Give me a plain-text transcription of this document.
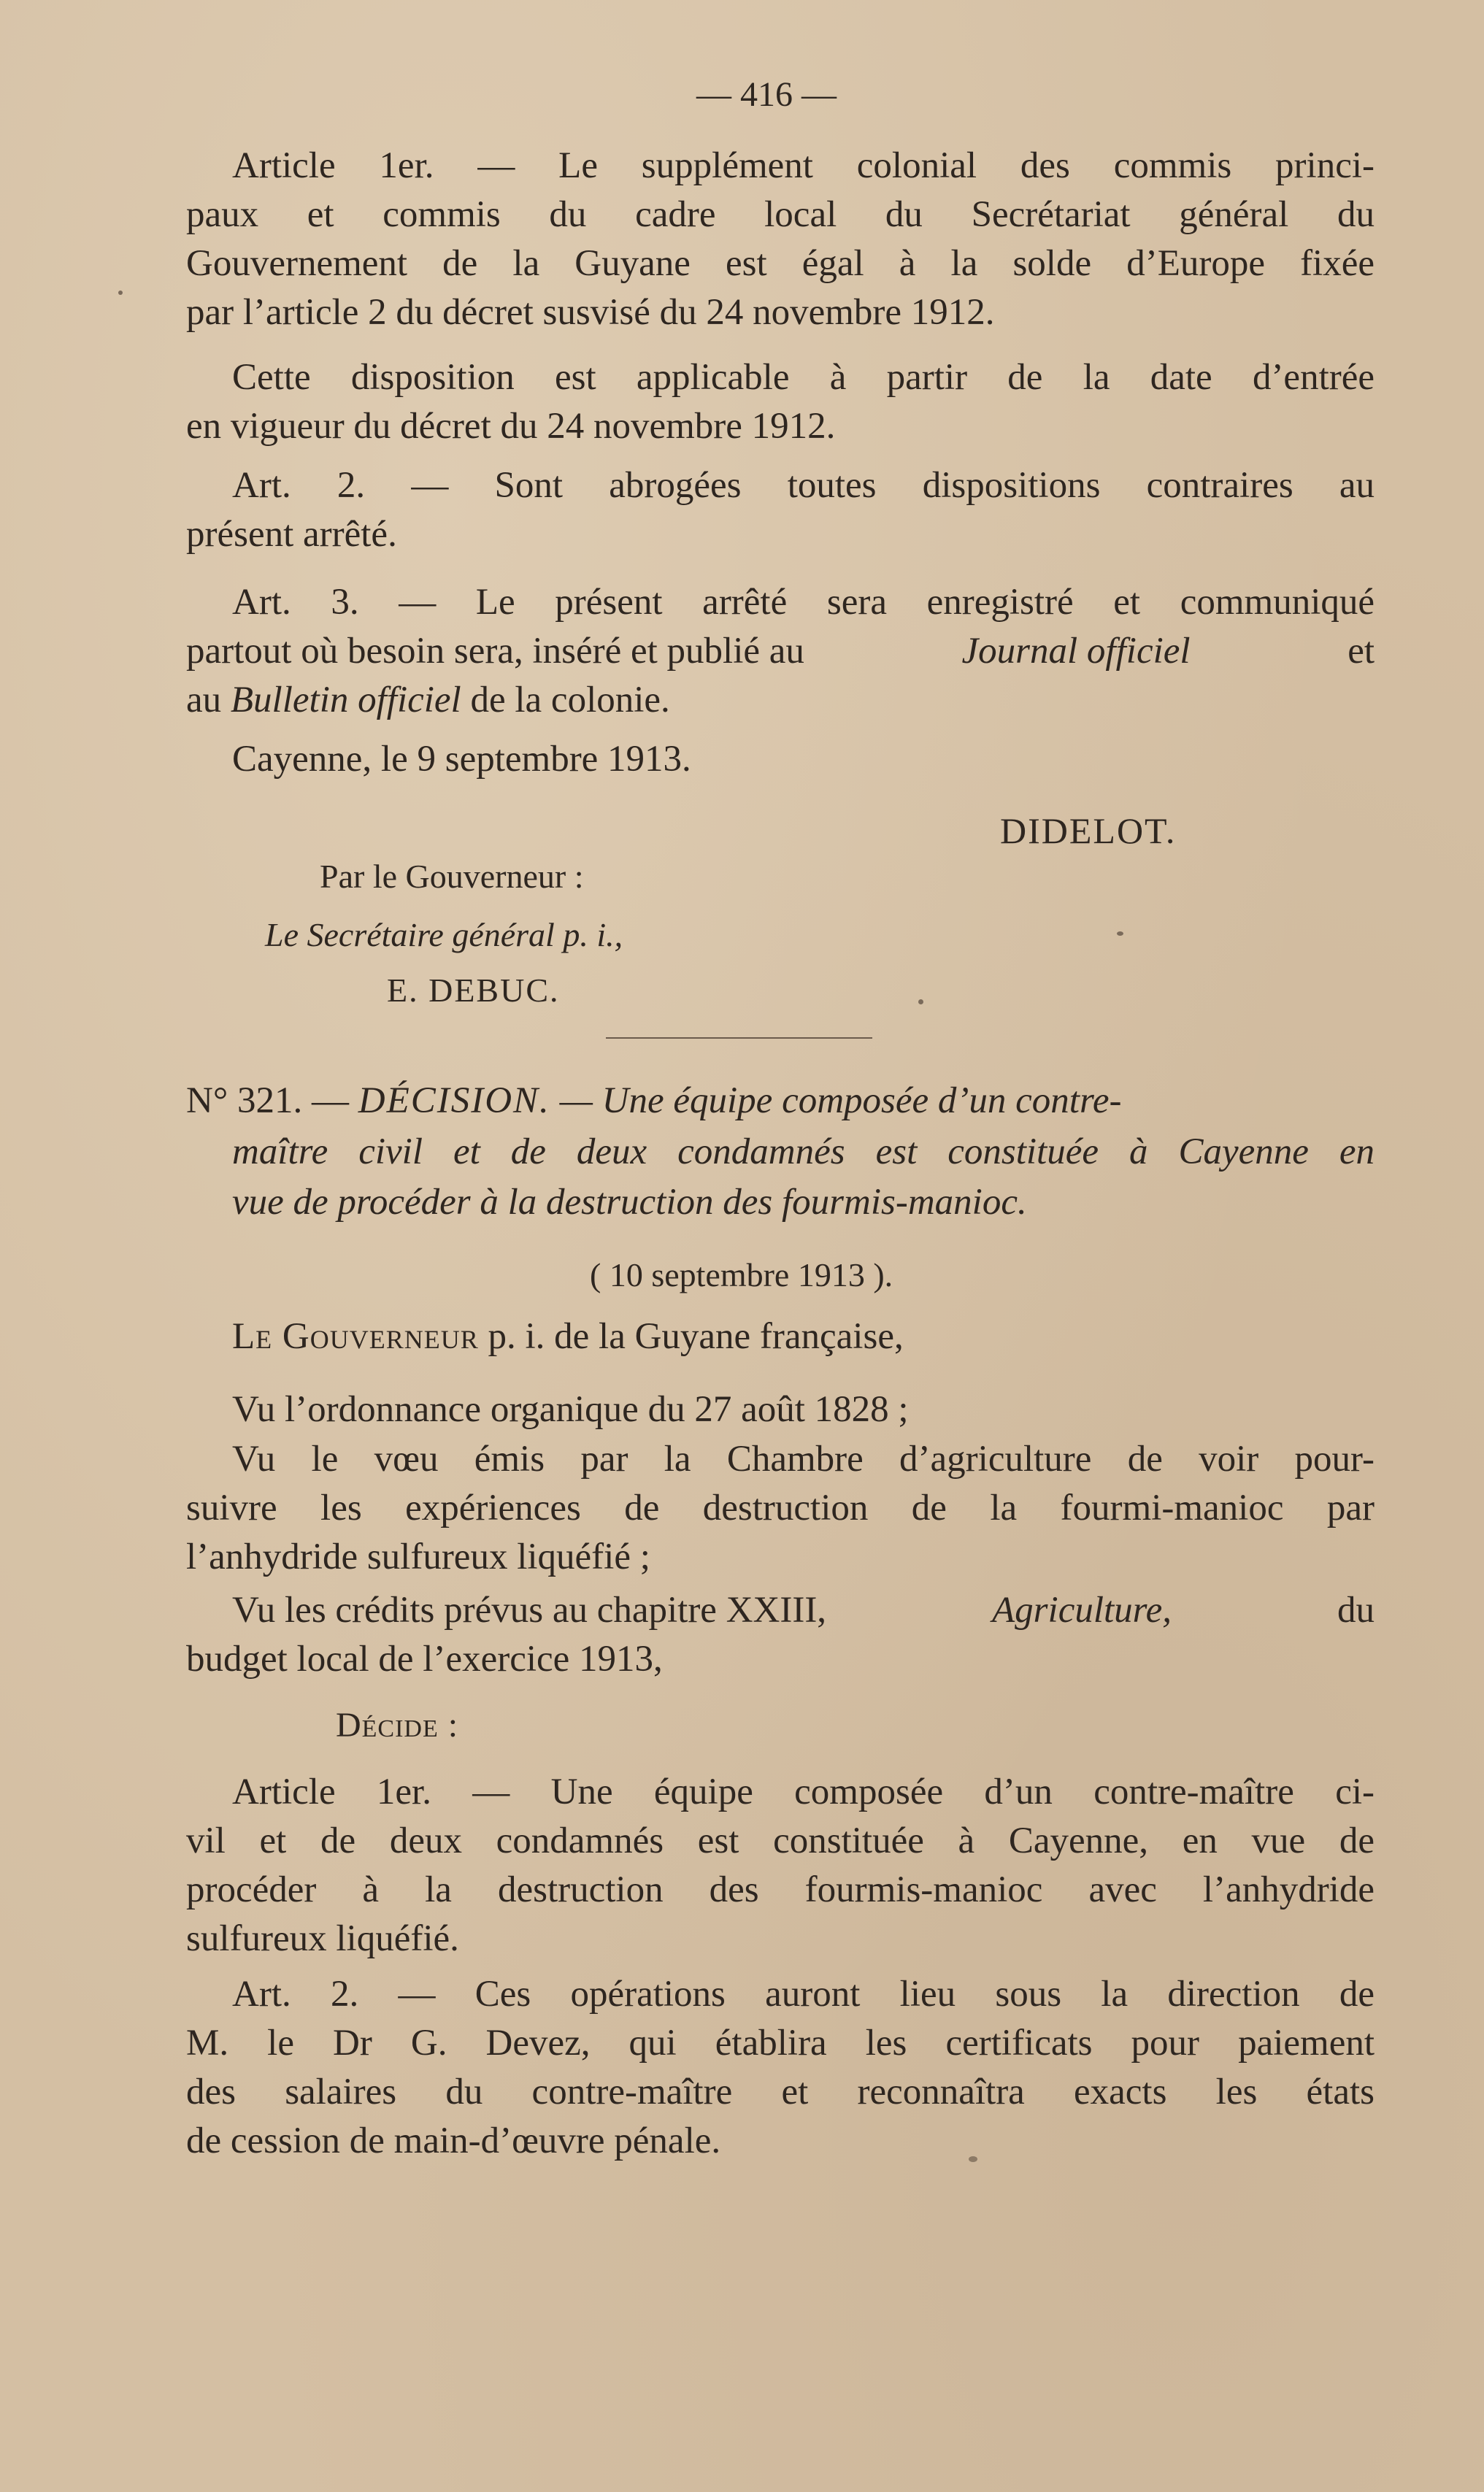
— 416 —
Article 1er. — Le supplément colonial des commis princi-
paux et commis du cadre local du Secrétariat général du
Gouvernement de la Guyane est égal à la solde d’Europe fixée
par l’article 2 du décret susvisé du 24 novembre 1912.
Cette disposition est applicable à partir de la date d’entrée
en vigueur du décret du 24 novembre 1912.
Art. 2. — Sont abrogées toutes dispositions contraires au
présent arrêté.
Art. 3. — Le présent arrêté sera enregistré et communiqué
partout où besoin sera, inséré et publié au	Journal officiel	et
au Bulletin officiel de la colonie.
Cayenne, le 9 septembre 1913.
DIDELOT.
Par le Gouverneur :
Le Secrétaire général p. i.,
E. DEBUC.
N° 321. — DÉCISION. — Une équipe composée d’un contre-
maître civil et de deux condamnés est constituée à Cayenne en
vue de procéder à la destruction des fourmis-manioc.
( 10 septembre 1913 ).
Le Gouverneur p. i. de la Guyane française,
Vu l’ordonnance organique du 27 août 1828 ;
Vu le vœu émis par la Chambre d’agriculture de voir pour-
suivre les expériences de destruction de la fourmi-manioc par
l’anhydride sulfureux liquéfié ;
Vu les crédits prévus au chapitre XXIII,	Agriculture,	du
budget local de l’exercice 1913,
Décide :
Article 1er. — Une équipe composée d’un contre-maître ci-
vil et de deux condamnés est constituée à Cayenne, en vue de
procéder à la destruction des fourmis-manioc avec l’anhydride
sulfureux liquéfié.
Art. 2. — Ces opérations auront lieu sous la direction de
M. le Dr G. Devez, qui établira les certificats pour paiement
des salaires du contre-maître et reconnaîtra exacts les états
de cession de main-d’œuvre pénale.
